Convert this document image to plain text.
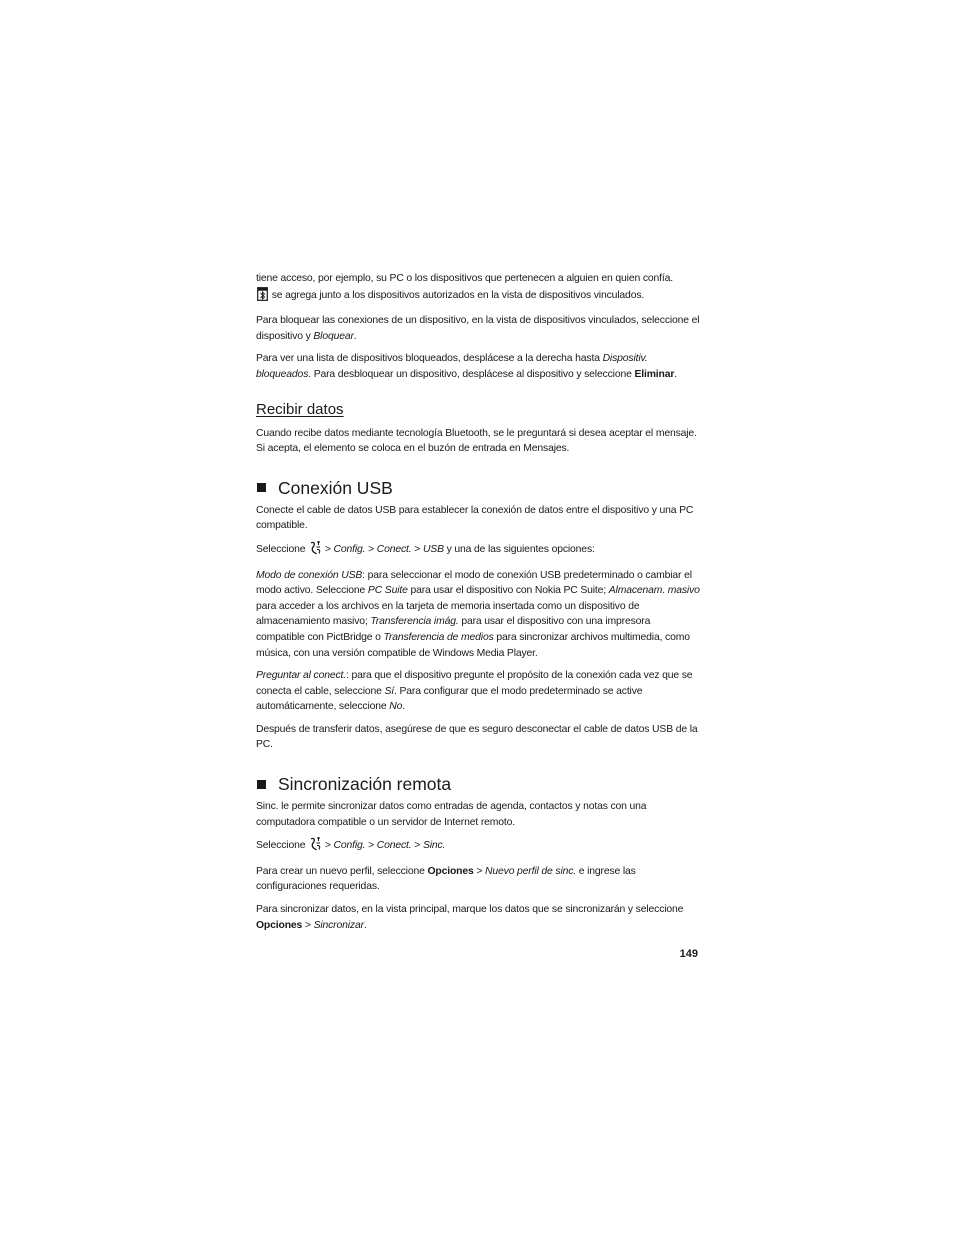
tiene acceso, por ejemplo, su PC o los dispositivos que pertenecen a alguien en quien confía.
se agrega junto a los dispositivos autorizados en la vista de dispositivos vinculados.

Para bloquear las conexiones de un dispositivo, en la vista de dispositivos vinculados, seleccione el dispositivo y Bloquear.

Para ver una lista de dispositivos bloqueados, desplácese a la derecha hasta Dispositiv. bloqueados. Para desbloquear un dispositivo, desplácese al dispositivo y seleccione Eliminar.

Recibir datos

Cuando recibe datos mediante tecnología Bluetooth, se le preguntará si desea aceptar el mensaje. Si acepta, el elemento se coloca en el buzón de entrada en Mensajes.

Conexión USB

Conecte el cable de datos USB para establecer la conexión de datos entre el dispositivo y una PC compatible.

Seleccione  > Config. > Conect. > USB y una de las siguientes opciones:

Modo de conexión USB: para seleccionar el modo de conexión USB predeterminado o cambiar el modo activo. Seleccione PC Suite para usar el dispositivo con Nokia PC Suite; Almacenam. masivo para acceder a los archivos en la tarjeta de memoria insertada como un dispositivo de almacenamiento masivo; Transferencia imág. para usar el dispositivo con una impresora compatible con PictBridge o Transferencia de medios para sincronizar archivos multimedia, como música, con una versión compatible de Windows Media Player.

Preguntar al conect.: para que el dispositivo pregunte el propósito de la conexión cada vez que se conecta el cable, seleccione Sí. Para configurar que el modo predeterminado se active automáticamente, seleccione No.

Después de transferir datos, asegúrese de que es seguro desconectar el cable de datos USB de la PC.

Sincronización remota

Sinc. le permite sincronizar datos como entradas de agenda, contactos y notas con una computadora compatible o un servidor de Internet remoto.

Seleccione  > Config. > Conect. > Sinc.

Para crear un nuevo perfil, seleccione Opciones > Nuevo perfil de sinc. e ingrese las configuraciones requeridas.

Para sincronizar datos, en la vista principal, marque los datos que se sincronizarán y seleccione Opciones > Sincronizar.

149
